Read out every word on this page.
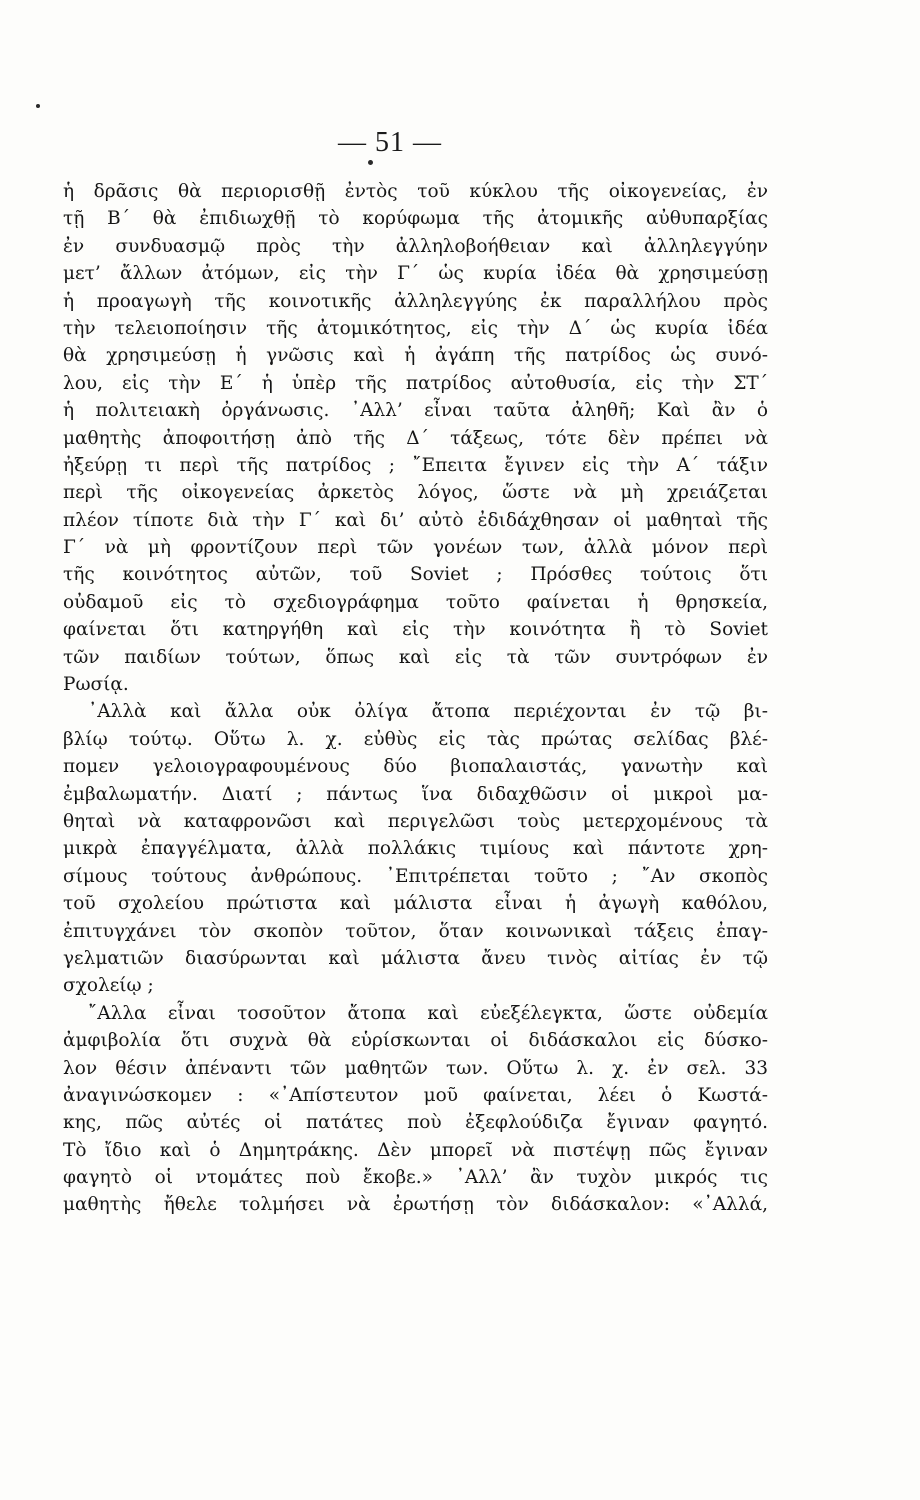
— 51 —
ἡ δρᾶσις θὰ περιορισθῇ ἐντὸς τοῦ κύκλου τῆς οἰκογενείας, ἐν
τῇ Β΄ θὰ ἐπιδιωχθῇ τὸ κορύφωμα τῆς ἀτομικῆς αὐθυπαρξίας
ἐν συνδυασμῷ πρὸς τὴν ἀλληλοβοήθειαν καὶ ἀλληλεγγύην
μετ’ ἄλλων ἀτόμων, εἰς τὴν Γ΄ ὡς κυρία ἰδέα θὰ χρησιμεύσῃ
ἡ προαγωγὴ τῆς κοινοτικῆς ἀλληλεγγύης ἐκ παραλλήλου πρὸς
τὴν τελειοποίησιν τῆς ἀτομικότητος, εἰς τὴν Δ΄ ὡς κυρία ἰδέα
θὰ χρησιμεύσῃ ἡ γνῶσις καὶ ἡ ἀγάπη τῆς πατρίδος ὡς συνό-
λου, εἰς τὴν Ε΄ ἡ ὑπὲρ τῆς πατρίδος αὐτοθυσία, εἰς τὴν ΣΤ΄
ἡ πολιτειακὴ ὀργάνωσις. ᾿Αλλ’ εἶναι ταῦτα ἀληθῆ; Καὶ ἂν ὁ
μαθητὴς ἀποφοιτήσῃ ἀπὸ τῆς Δ΄ τάξεως, τότε δὲν πρέπει νὰ
ἠξεύρῃ τι περὶ τῆς πατρίδος ; ῎Επειτα ἔγινεν εἰς τὴν Α΄ τάξιν
περὶ τῆς οἰκογενείας ἀρκετὸς λόγος, ὥστε νὰ μὴ χρειάζεται
πλέον τίποτε διὰ τὴν Γ΄ καὶ δι’ αὐτὸ ἐδιδάχθησαν οἱ μαθηταὶ τῆς
Γ΄ νὰ μὴ φροντίζουν περὶ τῶν γονέων των, ἀλλὰ μόνον περὶ
τῆς κοινότητος αὐτῶν, τοῦ Soviet ; Πρόσθες τούτοις ὅτι
οὐδαμοῦ εἰς τὸ σχεδιογράφημα τοῦτο φαίνεται ἡ θρησκεία,
φαίνεται ὅτι κατηργήθη καὶ εἰς τὴν κοινότητα ἢ τὸ Soviet
τῶν παιδίων τούτων, ὅπως καὶ εἰς τὰ τῶν συντρόφων ἐν
Ρωσίᾳ.
᾿Αλλὰ καὶ ἄλλα οὐκ ὀλίγα ἄτοπα περιέχονται ἐν τῷ βι-
βλίῳ τούτῳ. Οὕτω λ. χ. εὐθὺς εἰς τὰς πρώτας σελίδας βλέ-
πομεν γελοιογραφουμένους δύο βιοπαλαιστάς, γανωτὴν καὶ
ἐμβαλωματήν. Διατί ; πάντως ἵνα διδαχθῶσιν οἱ μικροὶ μα-
θηταὶ νὰ καταφρονῶσι καὶ περιγελῶσι τοὺς μετερχομένους τὰ
μικρὰ ἐπαγγέλματα, ἀλλὰ πολλάκις τιμίους καὶ πάντοτε χρη-
σίμους τούτους ἀνθρώπους. ᾿Επιτρέπεται τοῦτο ; ῎Αν σκοπὸς
τοῦ σχολείου πρώτιστα καὶ μάλιστα εἶναι ἡ ἀγωγὴ καθόλου,
ἐπιτυγχάνει τὸν σκοπὸν τοῦτον, ὅταν κοινωνικαὶ τάξεις ἐπαγ-
γελματιῶν διασύρωνται καὶ μάλιστα ἄνευ τινὸς αἰτίας ἐν τῷ
σχολείῳ ;
῎Αλλα εἶναι τοσοῦτον ἄτοπα καὶ εὐεξέλεγκτα, ὥστε οὐδεμία
ἀμφιβολία ὅτι συχνὰ θὰ εὑρίσκωνται οἱ διδάσκαλοι εἰς δύσκο-
λον θέσιν ἀπέναντι τῶν μαθητῶν των. Οὕτω λ. χ. ἐν σελ. 33
ἀναγινώσκομεν : «᾿Απίστευτον μοῦ φαίνεται, λέει ὁ Κωστά-
κης, πῶς αὐτές οἱ πατάτες ποὺ ἐξεφλούδιζα ἔγιναν φαγητό.
Τὸ ἴδιο καὶ ὁ Δημητράκης. Δὲν μπορεῖ νὰ πιστέψῃ πῶς ἔγιναν
φαγητὸ οἱ ντομάτες ποὺ ἔκοβε.» ᾿Αλλ’ ἂν τυχὸν μικρός τις
μαθητὴς ἤθελε τολμήσει νὰ ἐρωτήσῃ τὸν διδάσκαλον: «᾿Αλλά,
